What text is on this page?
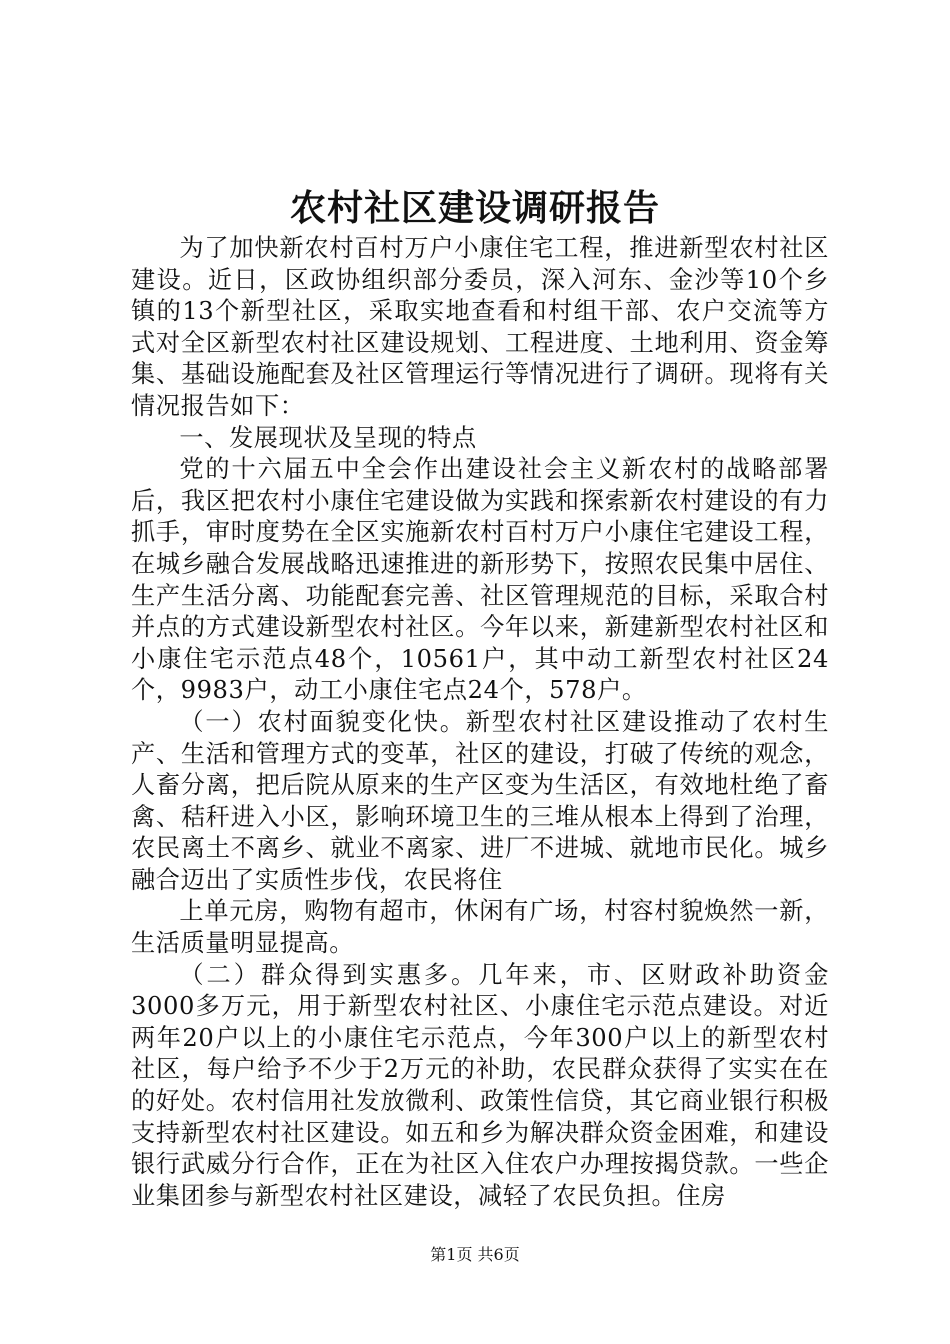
农村社区建设调研报告

为了加快新农村百村万户小康住宅工程，推进新型农村社区建设。近日，区政协组织部分委员，深入河东、金沙等10个乡镇的13个新型社区，采取实地查看和村组干部、农户交流等方式对全区新型农村社区建设规划、工程进度、土地利用、资金筹集、基础设施配套及社区管理运行等情况进行了调研。现将有关情况报告如下：

一、发展现状及呈现的特点

党的十六届五中全会作出建设社会主义新农村的战略部署后，我区把农村小康住宅建设做为实践和探索新农村建设的有力抓手，审时度势在全区实施新农村百村万户小康住宅建设工程，在城乡融合发展战略迅速推进的新形势下，按照农民集中居住、生产生活分离、功能配套完善、社区管理规范的目标，采取合村并点的方式建设新型农村社区。今年以来，新建新型农村社区和小康住宅示范点48个，10561户，其中动工新型农村社区24个，9983户，动工小康住宅点24个，578户。

（一）农村面貌变化快。新型农村社区建设推动了农村生产、生活和管理方式的变革，社区的建设，打破了传统的观念，人畜分离，把后院从原来的生产区变为生活区，有效地杜绝了畜禽、秸秆进入小区，影响环境卫生的三堆从根本上得到了治理，农民离土不离乡、就业不离家、进厂不进城、就地市民化。城乡融合迈出了实质性步伐，农民将住

上单元房，购物有超市，休闲有广场，村容村貌焕然一新，生活质量明显提高。

（二）群众得到实惠多。几年来，市、区财政补助资金3000多万元，用于新型农村社区、小康住宅示范点建设。对近两年20户以上的小康住宅示范点，今年300户以上的新型农村社区，每户给予不少于2万元的补助，农民群众获得了实实在在的好处。农村信用社发放微利、政策性信贷，其它商业银行积极支持新型农村社区建设。如五和乡为解决群众资金困难，和建设银行武威分行合作，正在为社区入住农户办理按揭贷款。一些企业集团参与新型农村社区建设，减轻了农民负担。住房

第1页 共6页
